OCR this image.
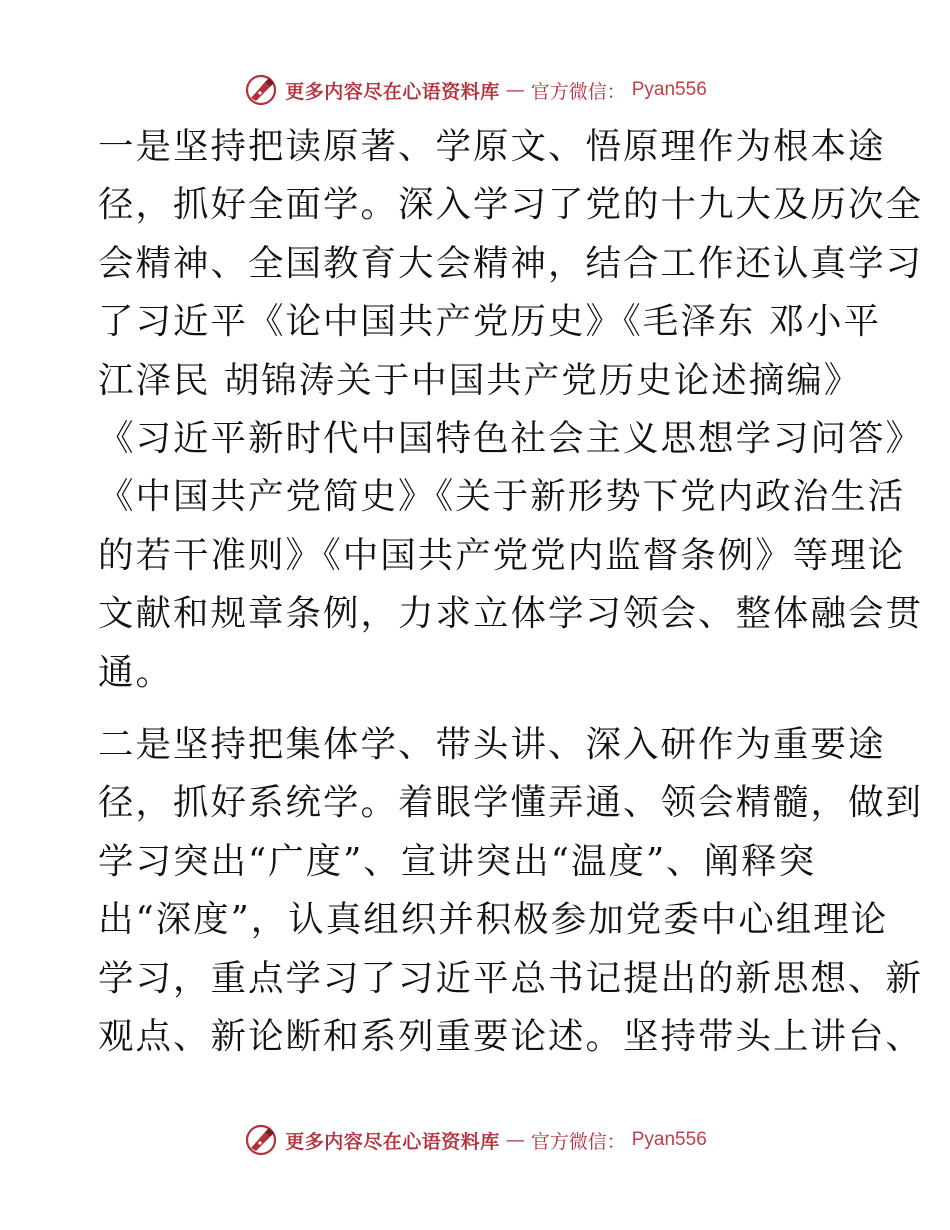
更多内容尽在心语资料库 — 官方微信： Pyan556

一是坚持把读原著、学原文、悟原理作为根本途
径，抓好全面学。深入学习了党的十九大及历次全
会精神、全国教育大会精神，结合工作还认真学习
了习近平《论中国共产党历史》《毛泽东 邓小平
江泽民 胡锦涛关于中国共产党历史论述摘编》
《习近平新时代中国特色社会主义思想学习问答》
《中国共产党简史》《关于新形势下党内政治生活
的若干准则》《中国共产党党内监督条例》等理论
文献和规章条例，力求立体学习领会、整体融会贯
通。

二是坚持把集体学、带头讲、深入研作为重要途
径，抓好系统学。着眼学懂弄通、领会精髓，做到
学习突出“广度”、宣讲突出“温度”、阐释突
出“深度”，认真组织并积极参加党委中心组理论
学习，重点学习了习近平总书记提出的新思想、新
观点、新论断和系列重要论述。坚持带头上讲台、

更多内容尽在心语资料库 — 官方微信： Pyan556
